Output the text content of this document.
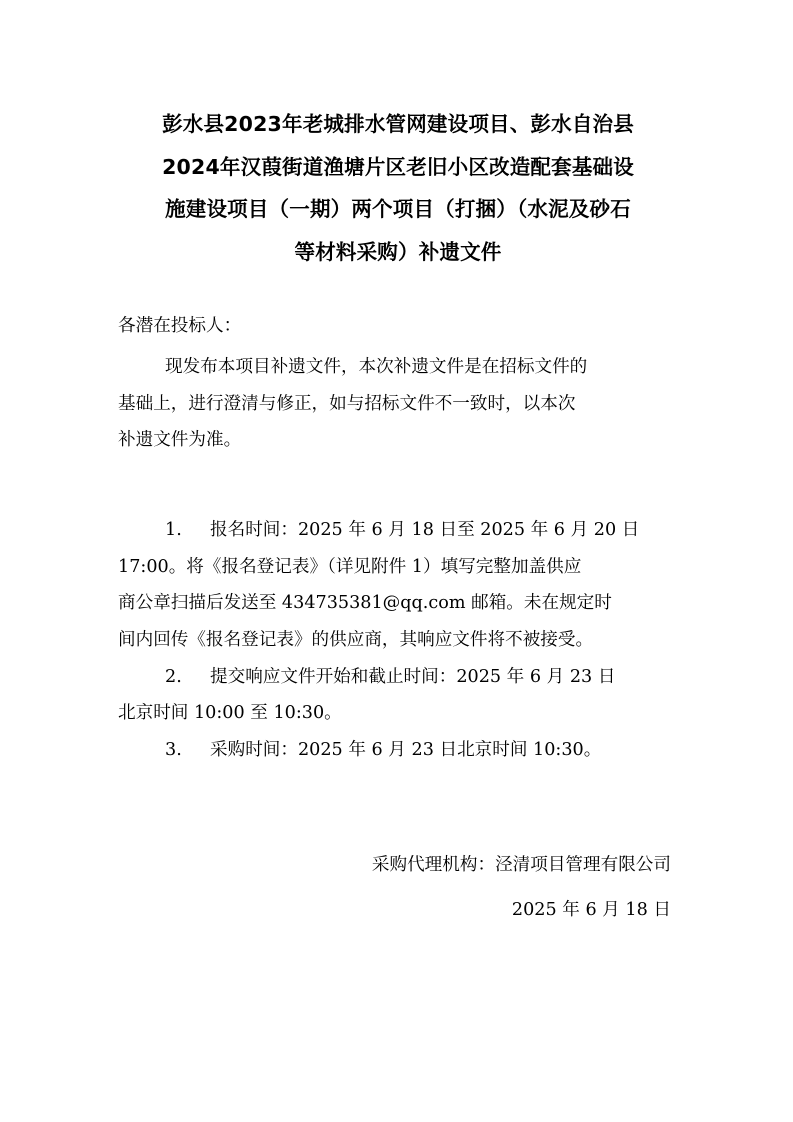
彭水县2023年老城排水管网建设项目、彭水自治县
2024年汉葭街道渔塘片区老旧小区改造配套基础设
施建设项目（一期）两个项目（打捆）（水泥及砂石
等材料采购）补遗文件
各潜在投标人：
现发布本项目补遗文件，本次补遗文件是在招标文件的
基础上，进行澄清与修正，如与招标文件不一致时，以本次
补遗文件为准。
1. 报名时间：2025 年 6 月 18 日至 2025 年 6 月 20 日
17:00。将《报名登记表》（详见附件 1）填写完整加盖供应
商公章扫描后发送至 434735381@qq.com 邮箱。未在规定时
间内回传《报名登记表》的供应商，其响应文件将不被接受。
2. 提交响应文件开始和截止时间：2025 年 6 月 23 日
北京时间 10:00 至 10:30。
3. 采购时间：2025 年 6 月 23 日北京时间 10:30。
采购代理机构：泾清项目管理有限公司
2025 年 6 月 18 日
